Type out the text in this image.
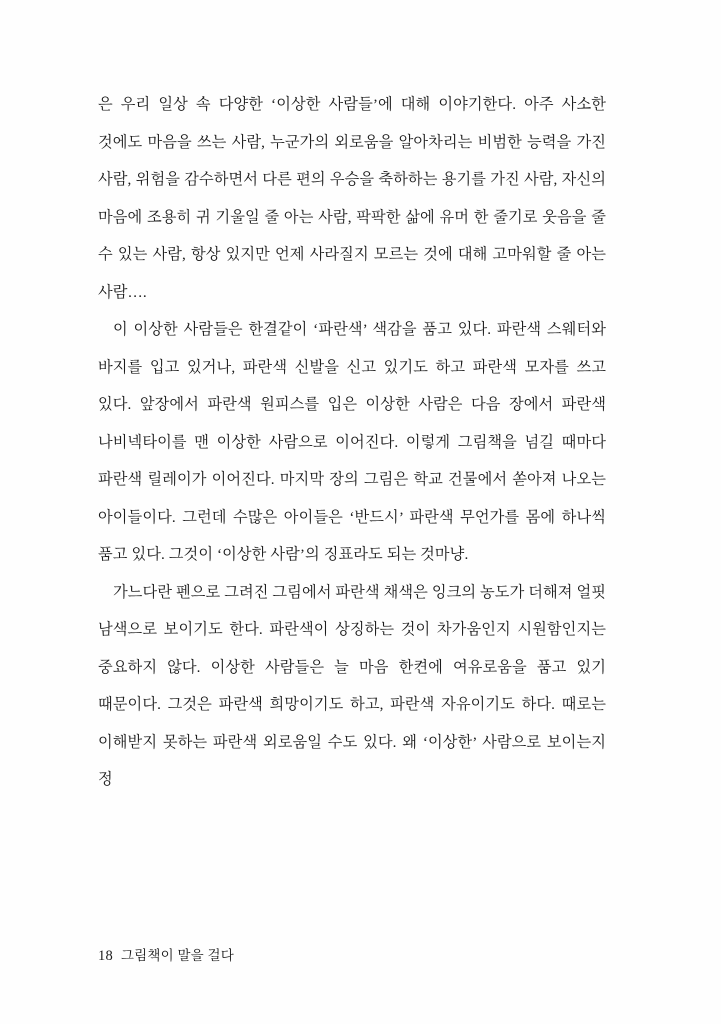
은 우리 일상 속 다양한 ‘이상한 사람들’에 대해 이야기한다. 아주 사소한 것에도 마음을 쓰는 사람, 누군가의 외로움을 알아차리는 비범한 능력을 가진 사람, 위험을 감수하면서 다른 편의 우승을 축하하는 용기를 가진 사람, 자신의 마음에 조용히 귀 기울일 줄 아는 사람, 팍팍한 삶에 유머 한 줄기로 웃음을 줄 수 있는 사람, 항상 있지만 언제 사라질지 모르는 것에 대해 고마워할 줄 아는 사람….‍

이 이상한 사람들은 한결같이 ‘파란색’ 색감을 품고 있다. 파란색 스웨터와 바지를 입고 있거나, 파란색 신발을 신고 있기도 하고 파란색 모자를 쓰고 있다. 앞장에서 파란색 원피스를 입은 이상한 사람은 다음 장에서 파란색 나비넥타이를 맨 이상한 사람으로 이어진다. 이렇게 그림책을 넘길 때마다 파란색 릴레이가 이어진다. 마지막 장의 그림은 학교 건물에서 쏟아져 나오는 아이들이다. 그런데 수많은 아이들은 ‘반드시’ 파란색 무언가를 몸에 하나씩 품고 있다. 그것이 ‘이상한 사람’의 징표라도 되는 것마냥.

가느다란 펜으로 그려진 그림에서 파란색 채색은 잉크의 농도가 더해져 얼핏 남색으로 보이기도 한다. 파란색이 상징하는 것이 차가움인지 시원함인지는 중요하지 않다. 이상한 사람들은 늘 마음 한켠에 여유로움을 품고 있기 때문이다. 그것은 파란색 희망이기도 하고, 파란색 자유이기도 하다. 때로는 이해받지 못하는 파란색 외로움일 수도 있다. 왜 ‘이상한’ 사람으로 보이는지 정

18 그림책이 말을 걸다
